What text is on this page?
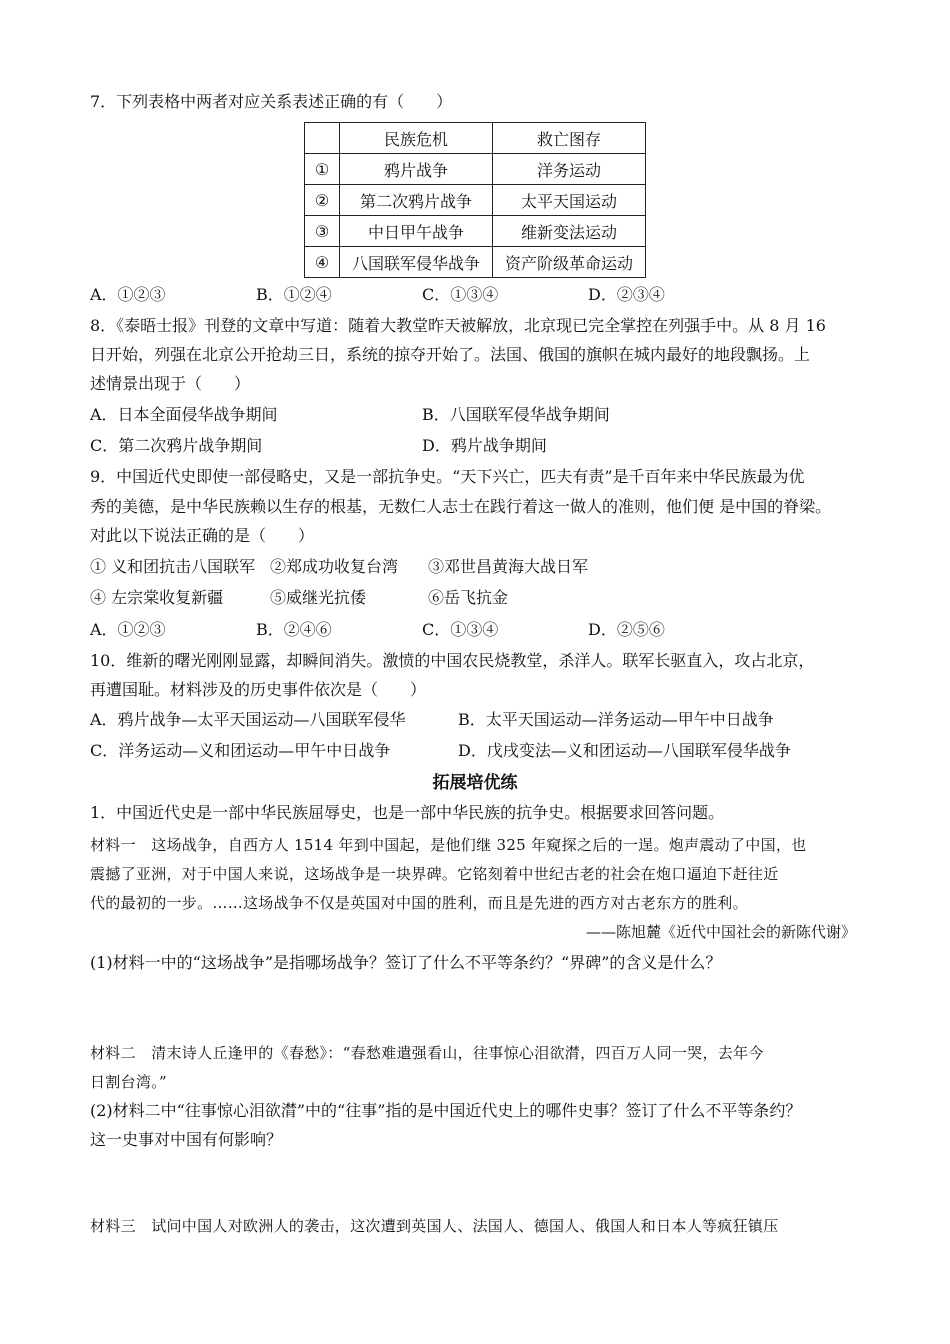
7．下列表格中两者对应关系表述正确的有（　　）
	民族危机	救亡图存
①	鸦片战争	洋务运动
②	第二次鸦片战争	太平天国运动
③	中日甲午战争	维新变法运动
④	八国联军侵华战争	资产阶级革命运动
A．①②③	B．①②④	C．①③④	D．②③④
8．《泰晤士报》刊登的文章中写道：随着大教堂昨天被解放，北京现已完全掌控在列强手中。从 8 月 16
日开始，列强在北京公开抢劫三日，系统的掠夺开始了。法国、俄国的旗帜在城内最好的地段飘扬。上
述情景出现于（　　）
A．日本全面侵华战争期间	B．八国联军侵华战争期间
C．第二次鸦片战争期间	D．鸦片战争期间
9．中国近代史即使一部侵略史，又是一部抗争史。“天下兴亡，匹夫有责”是千百年来中华民族最为优
秀的美德，是中华民族赖以生存的根基，无数仁人志士在践行着这一做人的准则，他们便 是中国的脊梁。
对此以下说法正确的是（　　）
① 义和团抗击八国联军 ②郑成功收复台湾 ③邓世昌黄海大战日军
④ 左宗棠收复新疆	⑤威继光抗倭	⑥岳飞抗金
A．①②③	B．②④⑥	C．①③④	D．②⑤⑥
10．维新的曙光刚刚显露，却瞬间消失。激愤的中国农民烧教堂，杀洋人。联军长驱直入，攻占北京，
再遭国耻。材料涉及的历史事件依次是（　　）
A．鸦片战争—太平天国运动—八国联军侵华	B．太平天国运动—洋务运动—甲午中日战争
C．洋务运动—义和团运动—甲午中日战争	D．戊戌变法—义和团运动—八国联军侵华战争
拓展培优练
1．中国近代史是一部中华民族屈辱史，也是一部中华民族的抗争史。根据要求回答问题。
材料一　这场战争，自西方人 1514 年到中国起，是他们继 325 年窥探之后的一逞。炮声震动了中国，也
震撼了亚洲，对于中国人来说，这场战争是一块界碑。它铭刻着中世纪古老的社会在炮口逼迫下赶往近
代的最初的一步。……这场战争不仅是英国对中国的胜利，而且是先进的西方对古老东方的胜利。
——陈旭麓《近代中国社会的新陈代谢》
(1)材料一中的“这场战争”是指哪场战争？签订了什么不平等条约？“界碑”的含义是什么？
材料二　清末诗人丘逢甲的《春愁》：“春愁难遣强看山，往事惊心泪欲潸，四百万人同一哭，去年今
日割台湾。”
(2)材料二中“往事惊心泪欲潸”中的“往事”指的是中国近代史上的哪件史事？签订了什么不平等条约？
这一史事对中国有何影响？
材料三　试问中国人对欧洲人的袭击，这次遭到英国人、法国人、德国人、俄国人和日本人等疯狂镇压
